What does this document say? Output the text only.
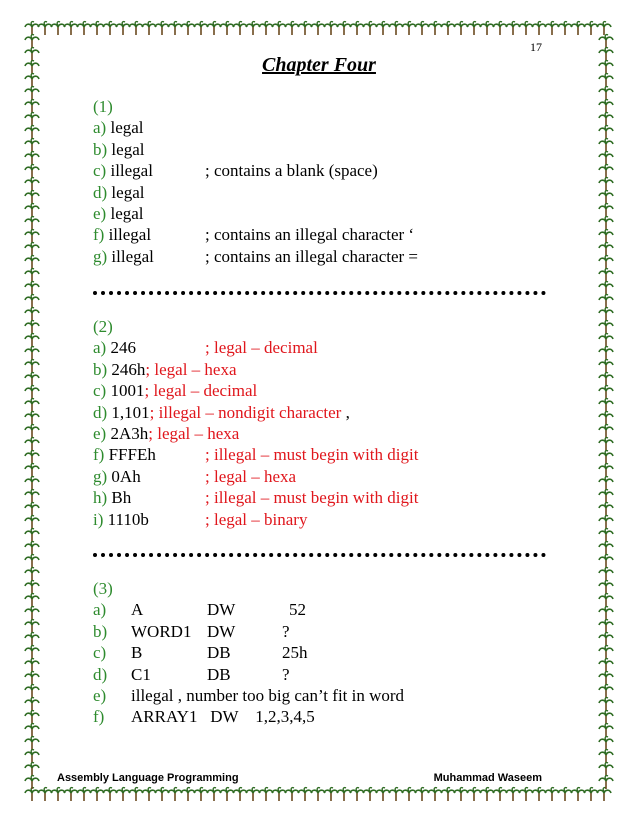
17
Chapter Four
(1)
a) legal
b) legal
c) illegal	; contains a blank (space)
d) legal
e) legal
f) illegal	; contains an illegal character ‘
g) illegal	; contains an illegal character =
(2)
a) 246	; legal – decimal
b) 246h; legal – hexa
c) 1001; legal – decimal
d) 1,101; illegal – nondigit character ,
e) 2A3h; legal – hexa
f) FFFEh	; illegal – must begin with digit
g) 0Ah	; legal – hexa
h) Bh	; illegal – must begin with digit
i) 1110b	; legal – binary
(3)
a) A	DW	52
b) WORD1 DW	?
c) B	DB	25h
d) C1	DB	?
e) illegal , number too big can’t fit in word
f) ARRAY1   DW    1,2,3,4,5
Assembly Language Programming	Muhammad Waseem
